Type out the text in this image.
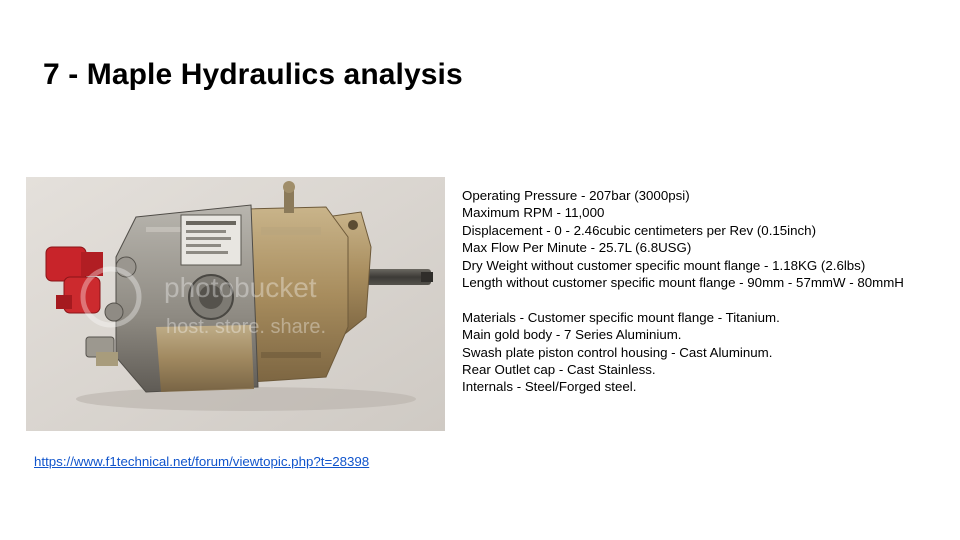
7 - Maple Hydraulics analysis
photobucket
host. store. share.
Operating Pressure - 207bar (3000psi)
Maximum RPM - 11,000
Displacement - 0 - 2.46cubic centimeters per Rev (0.15inch)
Max Flow Per Minute - 25.7L (6.8USG)
Dry Weight without customer specific mount flange - 1.18KG (2.6lbs)
Length without customer specific mount flange - 90mm - 57mmW - 80mmH
Materials - Customer specific mount flange - Titanium.
Main gold body - 7 Series Aluminium.
Swash plate piston control housing - Cast Aluminum.
Rear Outlet cap - Cast Stainless.
Internals - Steel/Forged steel.
https://www.f1technical.net/forum/viewtopic.php?t=28398
